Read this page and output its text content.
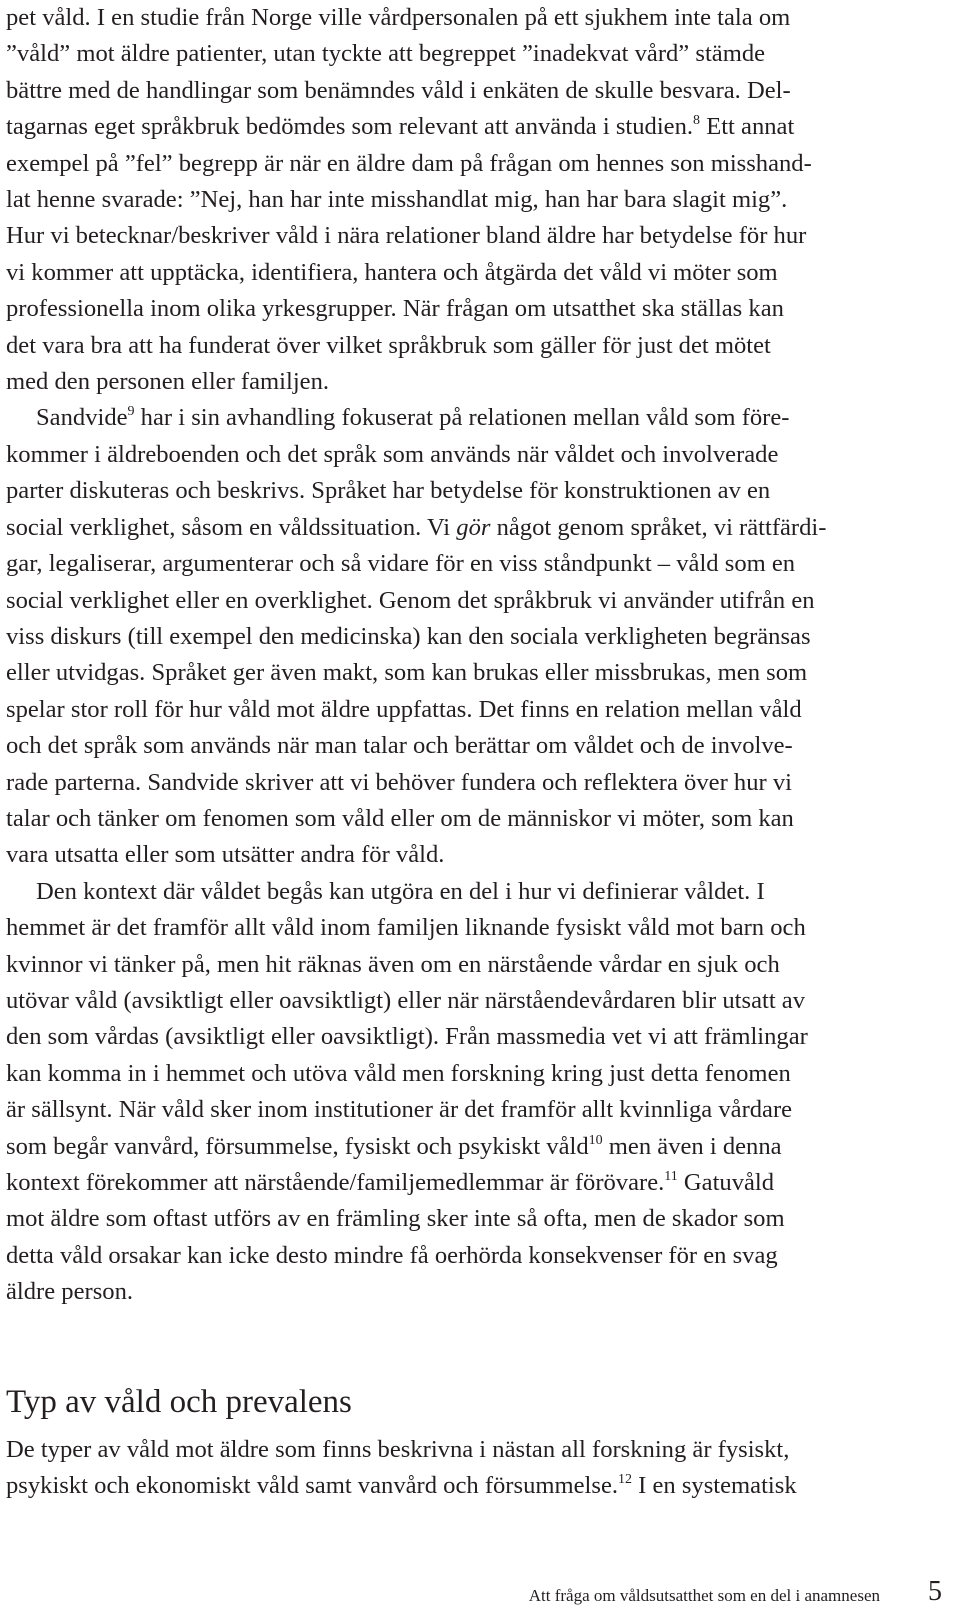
pet våld. I en studie från Norge ville vårdpersonalen på ett sjukhem inte tala om
”våld” mot äldre patienter, utan tyckte att begreppet ”inadekvat vård” stämde
bättre med de handlingar som benämndes våld i enkäten de skulle besvara. Del-
tagarnas eget språkbruk bedömdes som relevant att använda i studien.$^8$ Ett annat
exempel på ”fel” begrepp är när en äldre dam på frågan om hennes son misshand-
lat henne svarade: ”Nej, han har inte misshandlat mig, han har bara slagit mig”.
Hur vi betecknar/beskriver våld i nära relationer bland äldre har betydelse för hur
vi kommer att upptäcka, identifiera, hantera och åtgärda det våld vi möter som
professionella inom olika yrkesgrupper. När frågan om utsatthet ska ställas kan
det vara bra att ha funderat över vilket språkbruk som gäller för just det mötet
med den personen eller familjen.
Sandvide$^9$ har i sin avhandling fokuserat på relationen mellan våld som före-
kommer i äldreboenden och det språk som används när våldet och involverade
parter diskuteras och beskrivs. Språket har betydelse för konstruktionen av en
social verklighet, såsom en våldssituation. Vi gör något genom språket, vi rättfärdi-
gar, legaliserar, argumenterar och så vidare för en viss ståndpunkt – våld som en
social verklighet eller en overklighet. Genom det språkbruk vi använder utifrån en
viss diskurs (till exempel den medicinska) kan den sociala verkligheten begränsas
eller utvidgas. Språket ger även makt, som kan brukas eller missbrukas, men som
spelar stor roll för hur våld mot äldre uppfattas. Det finns en relation mellan våld
och det språk som används när man talar och berättar om våldet och de involve-
rade parterna. Sandvide skriver att vi behöver fundera och reflektera över hur vi
talar och tänker om fenomen som våld eller om de människor vi möter, som kan
vara utsatta eller som utsätter andra för våld.
Den kontext där våldet begås kan utgöra en del i hur vi definierar våldet. I
hemmet är det framför allt våld inom familjen liknande fysiskt våld mot barn och
kvinnor vi tänker på, men hit räknas även om en närstående vårdar en sjuk och
utövar våld (avsiktligt eller oavsiktligt) eller när närståendevårdaren blir utsatt av
den som vårdas (avsiktligt eller oavsiktligt). Från massmedia vet vi att främlingar
kan komma in i hemmet och utöva våld men forskning kring just detta fenomen
är sällsynt. När våld sker inom institutioner är det framför allt kvinnliga vårdare
som begår vanvård, försummelse, fysiskt och psykiskt våld$^{10}$ men även i denna
kontext förekommer att närstående/familjemedlemmar är förövare.$^{11}$ Gatuvåld
mot äldre som oftast utförs av en främling sker inte så ofta, men de skador som
detta våld orsakar kan icke desto mindre få oerhörda konsekvenser för en svag
äldre person.
Typ av våld och prevalens
De typer av våld mot äldre som finns beskrivna i nästan all forskning är fysiskt,
psykiskt och ekonomiskt våld samt vanvård och försummelse.$^{12}$ I en systematisk
Att fråga om våldsutsatthet som en del i anamnesen 5
